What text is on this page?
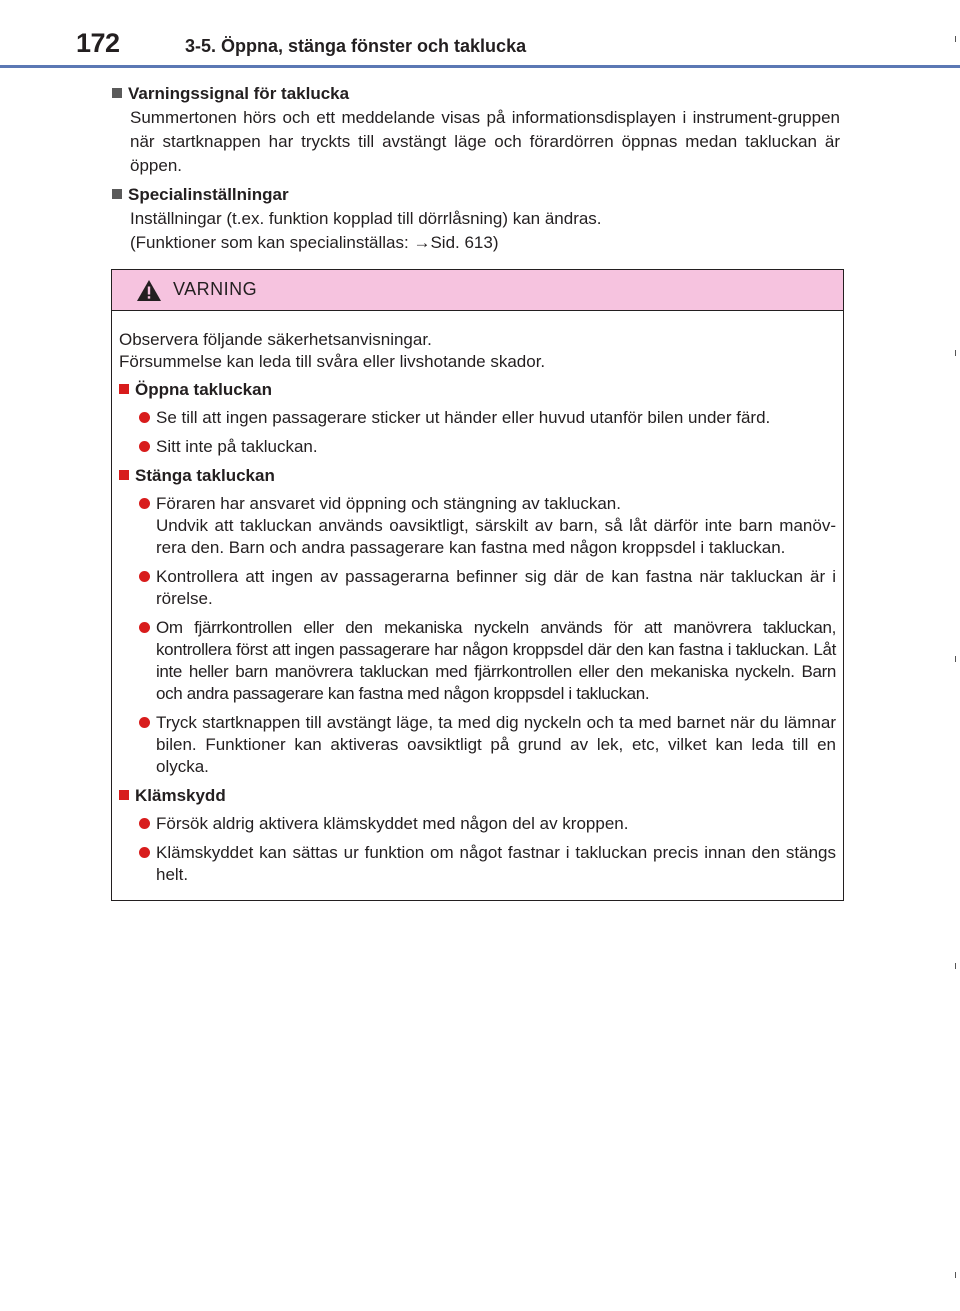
172	3-5. Öppna, stänga fönster och taklucka
Varningssignal för taklucka
Summertonen hörs och ett meddelande visas på informationsdisplayen i instrument-gruppen när startknappen har tryckts till avstängt läge och förardörren öppnas medan takluckan är öppen.
Specialinställningar
Inställningar (t.ex. funktion kopplad till dörrlåsning) kan ändras.
(Funktioner som kan specialinställas: →Sid. 613)
VARNING
Observera följande säkerhetsanvisningar.
Försummelse kan leda till svåra eller livshotande skador.
Öppna takluckan

Se till att ingen passagerare sticker ut händer eller huvud utanför bilen under färd.

Sitt inte på takluckan.

Stänga takluckan

Föraren har ansvaret vid öppning och stängning av takluckan.

Undvik att takluckan används oavsiktligt, särskilt av barn, så låt därför inte barn manöv-rera den. Barn och andra passagerare kan fastna med någon kroppsdel i takluckan.

Kontrollera att ingen av passagerarna befinner sig där de kan fastna när takluckan är i rörelse.

Om fjärrkontrollen eller den mekaniska nyckeln används för att manövrera takluckan, kontrollera först att ingen passagerare har någon kroppsdel där den kan fastna i takluckan. Låt inte heller barn manövrera takluckan med fjärrkontrollen eller den mekaniska nyckeln. Barn och andra passagerare kan fastna med någon kroppsdel i takluckan.

Tryck startknappen till avstängt läge, ta med dig nyckeln och ta med barnet när du lämnar bilen. Funktioner kan aktiveras oavsiktligt på grund av lek, etc, vilket kan leda till en olycka.

Klämskydd

Försök aldrig aktivera klämskyddet med någon del av kroppen.

Klämskyddet kan sättas ur funktion om något fastnar i takluckan precis innan den stängs helt.
